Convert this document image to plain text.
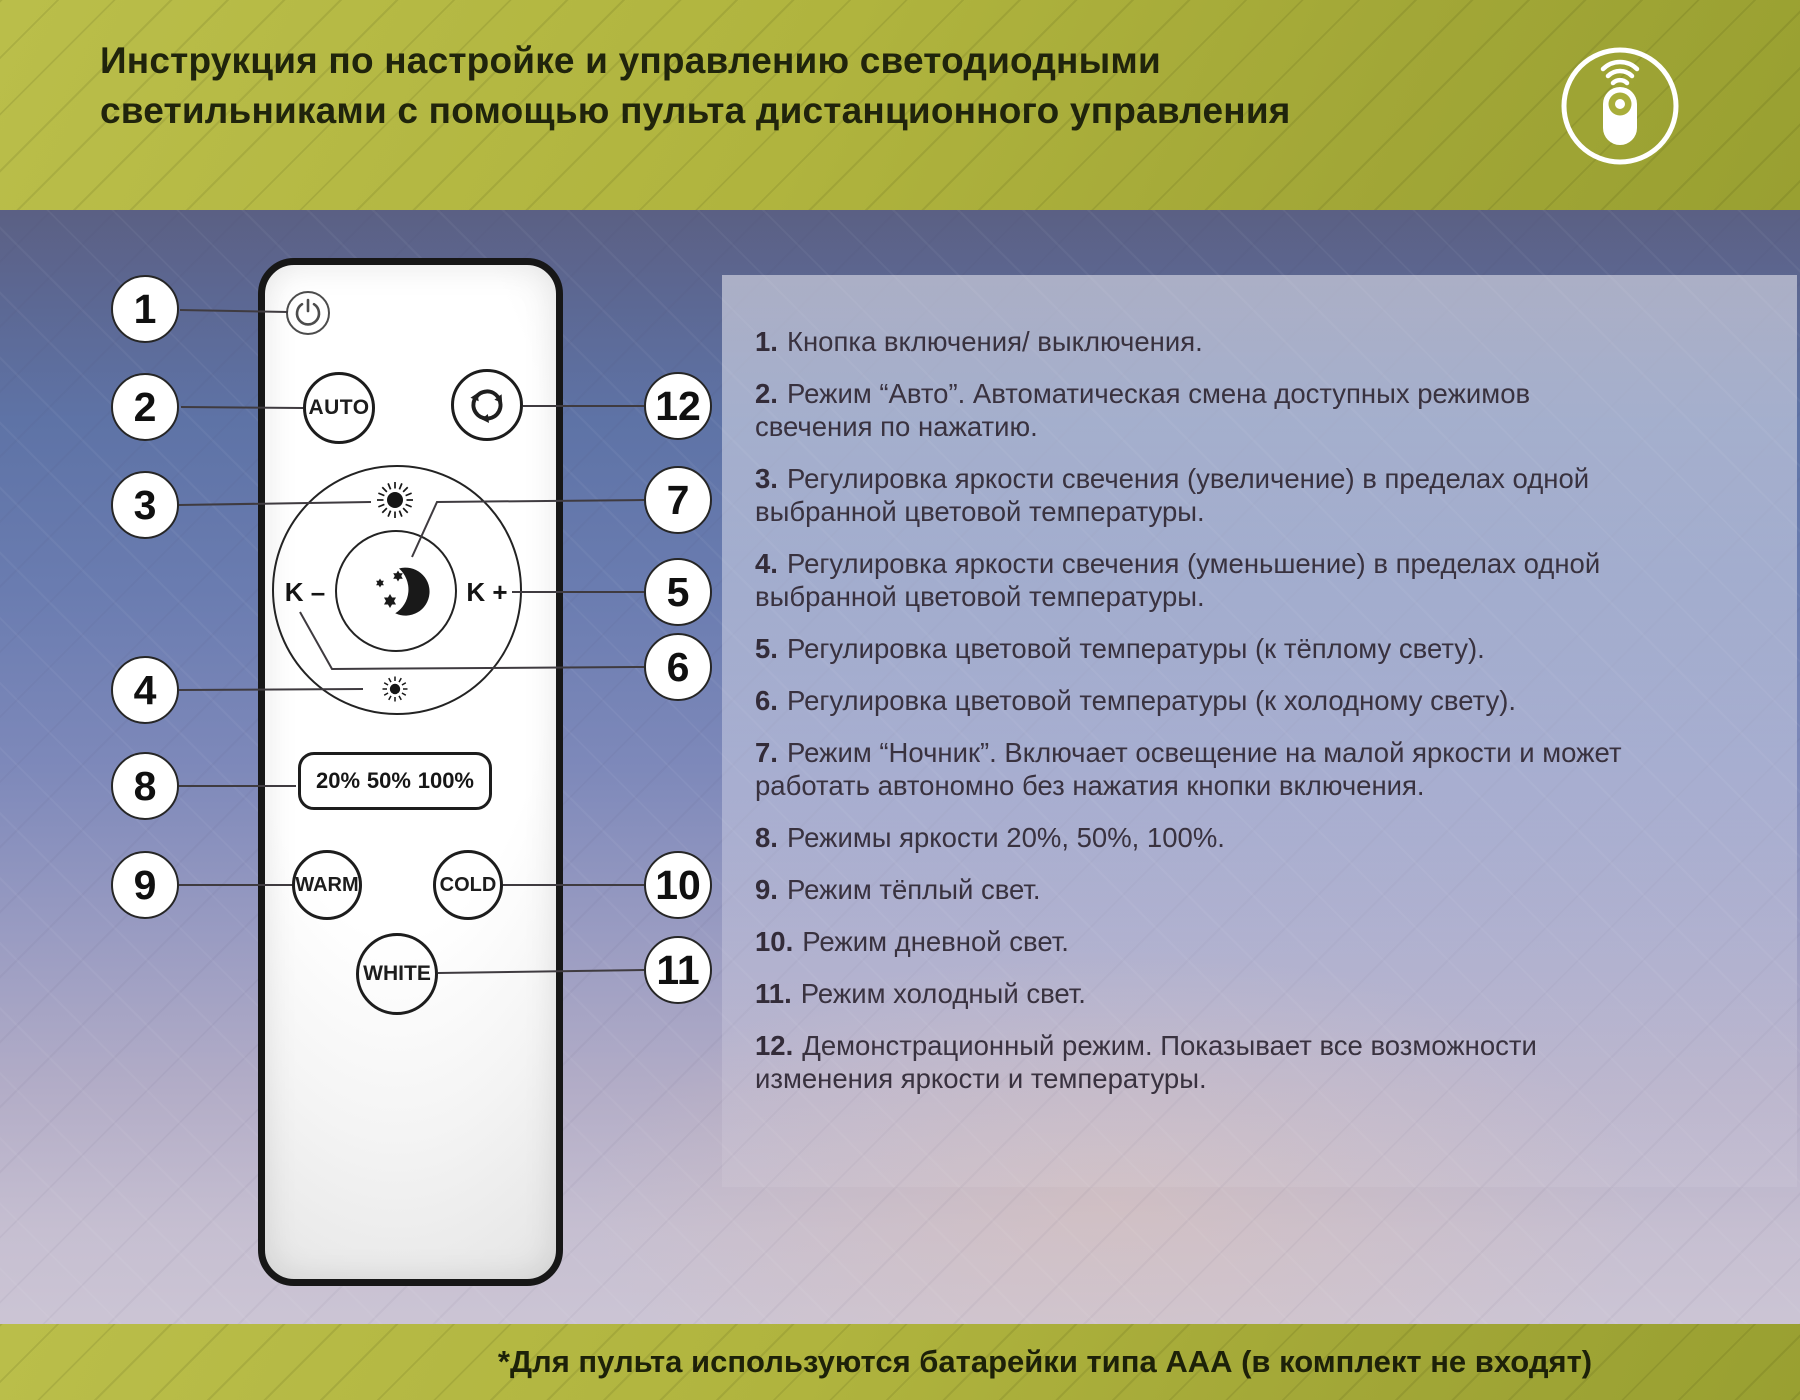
Инструкция по настройке и управлению светодиодными светильниками с помощью пульта дистанционного управления
AUTO
K –	K +
20% 50% 100%
WARM	COLD
WHITE
1
2
3
4
5
6
7
8
9	10
11
12

1. Кнопка включения/ выключения.

2. Режим “Авто”. Автоматическая смена доступных режимов свечения по нажатию.

3. Регулировка яркости свечения (увеличение) в пределах одной выбранной цветовой температуры.

4. Регулировка яркости свечения (уменьшение) в пределах одной выбранной цветовой температуры.

5. Регулировка цветовой температуры (к тёплому свету).

6. Регулировка цветовой температуры (к холодному свету).

7. Режим “Ночник”. Включает освещение на малой яркости и может работать автономно без нажатия кнопки включения.

8. Режимы яркости 20%, 50%, 100%.

9. Режим тёплый свет.

10. Режим дневной свет.

11. Режим холодный свет.

12. Демонстрационный режим. Показывает все возможности изменения яркости и температуры.

*Для пульта используются батарейки типа ААА (в комплект не входят)
